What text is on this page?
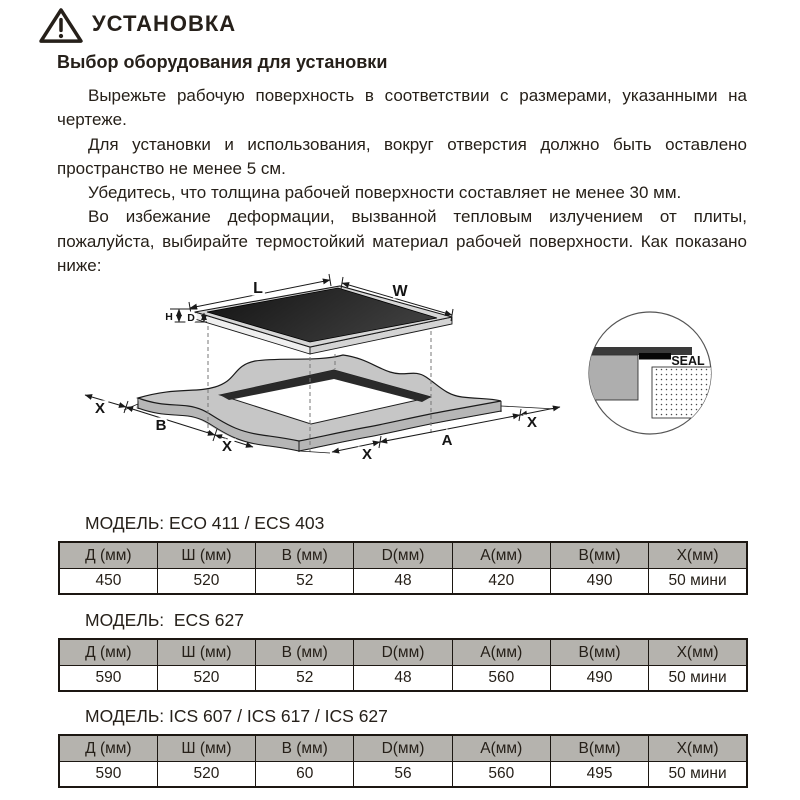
УСТАНОВКА
Выбор оборудования для установки

Вырежьте рабочую поверхность в соответствии с размерами, указанными на чертеже.

Для установки и использования, вокруг отверстия должно быть оставлено пространство не менее 5 см.

Убедитесь, что толщина рабочей поверхности составляет не менее 30 мм.

Во избежание деформации, вызванной тепловым излучением от плиты, пожалуйста, выбирайте термостойкий материал рабочей поверхности. Как показано ниже:

L	W
H D
X
B
X	X
A
X
SEAL

МОДЕЛЬ: ECO 411 / ECS 403

Д (мм)	Ш (мм)	В (мм)	D(мм)	А(мм)	В(мм)	Х(мм)
450	520	52	48	420	490	50 мини

МОДЕЛЬ:  ECS 627

Д (мм)	Ш (мм)	В (мм)	D(мм)	А(мм)	В(мм)	Х(мм)
590	520	52	48	560	490	50 мини

МОДЕЛЬ: ICS 607 / ICS 617 / ICS 627

Д (мм)	Ш (мм)	В (мм)	D(мм)	А(мм)	В(мм)	Х(мм)
590	520	60	56	560	495	50 мини
